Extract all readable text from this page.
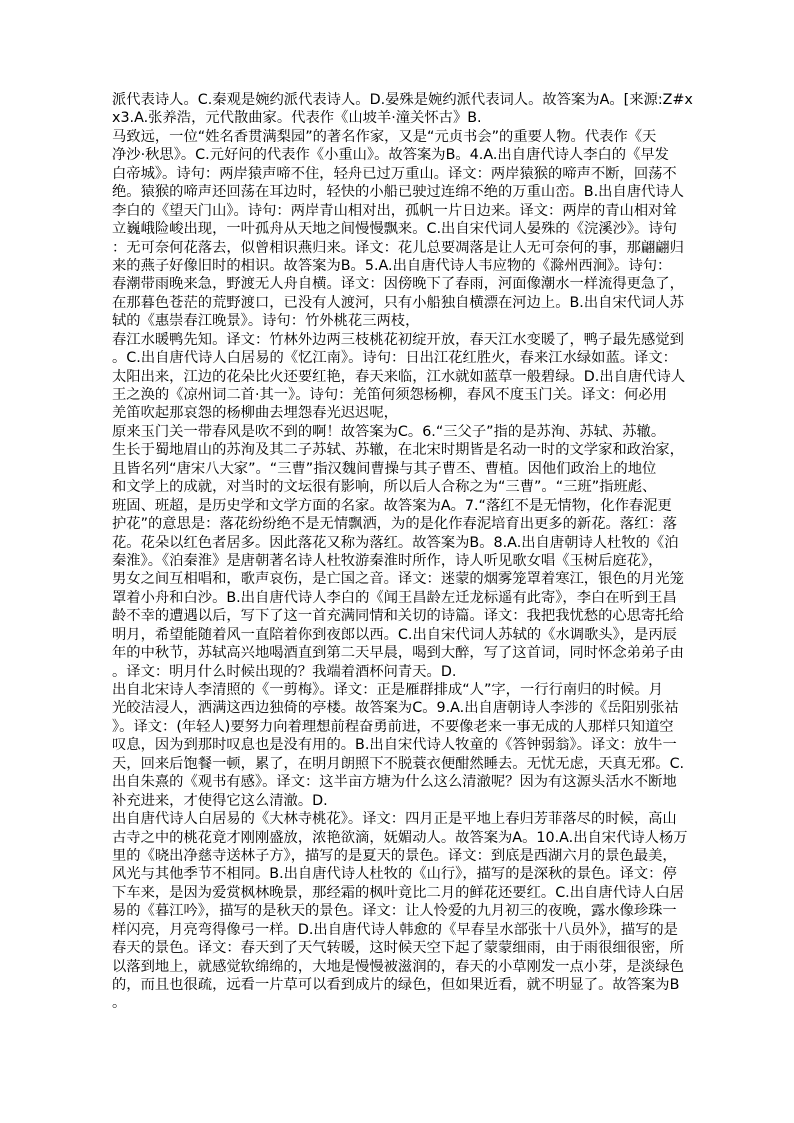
派代表诗人。C.秦观是婉约派代表诗人。D.晏殊是婉约派代表词人。故答案为A。[来源:Z#x
x3.A.张养浩，元代散曲家。代表作《山坡羊·潼关怀古》B.
马致远，一位“姓名香贯满梨园”的著名作家，又是“元贞书会”的重要人物。代表作《天
净沙·秋思》。C.元好问的代表作《小重山》。故答案为B。4.A.出自唐代诗人李白的《早发
白帝城》。诗句：两岸猿声啼不住，轻舟已过万重山。译文：两岸猿猴的啼声不断，回荡不
绝。猿猴的啼声还回荡在耳边时，轻快的小船已驶过连绵不绝的万重山峦。B.出自唐代诗人
李白的《望天门山》。诗句：两岸青山相对出，孤帆一片日边来。译文：两岸的青山相对耸
立巍峨险峻出现，一叶孤舟从天地之间慢慢飘来。C.出自宋代词人晏殊的《浣溪沙》。诗句
：无可奈何花落去，似曾相识燕归来。译文：花儿总要凋落是让人无可奈何的事，那翩翩归
来的燕子好像旧时的相识。故答案为B。5.A.出自唐代诗人韦应物的《滁州西涧》。诗句：
春潮带雨晚来急，野渡无人舟自横。译文：因傍晚下了春雨，河面像潮水一样流得更急了，
在那暮色苍茫的荒野渡口，已没有人渡河，只有小船独自横漂在河边上。B.出自宋代词人苏
轼的《惠崇春江晚景》。诗句：竹外桃花三两枝，
春江水暖鸭先知。译文：竹林外边两三枝桃花初绽开放，春天江水变暖了，鸭子最先感觉到
。C.出自唐代诗人白居易的《忆江南》。诗句：日出江花红胜火，春来江水绿如蓝。译文：
太阳出来，江边的花朵比火还要红艳，春天来临，江水就如蓝草一般碧绿。D.出自唐代诗人
王之涣的《凉州词二首·其一》。诗句：羌笛何须怨杨柳，春风不度玉门关。译文：何必用
羌笛吹起那哀怨的杨柳曲去埋怨春光迟迟呢，
原来玉门关一带春风是吹不到的啊！故答案为C。6.“三父子”指的是苏洵、苏轼、苏辙。
生长于蜀地眉山的苏洵及其二子苏轼、苏辙，在北宋时期皆是名动一时的文学家和政治家，
且皆名列“唐宋八大家”。“三曹”指汉魏间曹操与其子曹丕、曹植。因他们政治上的地位
和文学上的成就，对当时的文坛很有影响，所以后人合称之为“三曹”。“三班”指班彪、
班固、班超，是历史学和文学方面的名家。故答案为A。7.“落红不是无情物，化作春泥更
护花”的意思是：落花纷纷绝不是无情飘洒，为的是化作春泥培育出更多的新花。落红：落
花。花朵以红色者居多。因此落花又称为落红。故答案为B。8.A.出自唐朝诗人杜牧的《泊
秦淮》。《泊秦淮》是唐朝著名诗人杜牧游秦淮时所作，诗人听见歌女唱《玉树后庭花》，
男女之间互相唱和，歌声哀伤，是亡国之音。译文：迷蒙的烟雾笼罩着寒江，银色的月光笼
罩着小舟和白沙。B.出自唐代诗人李白的《闻王昌龄左迁龙标遥有此寄》，李白在听到王昌
龄不幸的遭遇以后，写下了这一首充满同情和关切的诗篇。译文：我把我忧愁的心思寄托给
明月，希望能随着风一直陪着你到夜郎以西。C.出自宋代词人苏轼的《水调歌头》，是丙辰
年的中秋节，苏轼高兴地喝酒直到第二天早晨，喝到大醉，写了这首词，同时怀念弟弟子由
。译文：明月什么时候出现的？我端着酒杯问青天。D.
出自北宋诗人李清照的《一剪梅》。译文：正是雁群排成“人”字，一行行南归的时候。月
光皎洁浸人，洒满这西边独倚的亭楼。故答案为C。9.A.出自唐朝诗人李涉的《岳阳别张祜
》。译文：(年轻人)要努力向着理想前程奋勇前进，不要像老来一事无成的人那样只知道空
叹息，因为到那时叹息也是没有用的。B.出自宋代诗人牧童的《答钟弱翁》。译文：放牛一
天，回来后饱餐一顿，累了，在明月朗照下不脱蓑衣便酣然睡去。无忧无虑，天真无邪。C.
出自朱熹的《观书有感》。译文：这半亩方塘为什么这么清澈呢？因为有这源头活水不断地
补充进来，才使得它这么清澈。D.
出自唐代诗人白居易的《大林寺桃花》。译文：四月正是平地上春归芳菲落尽的时候，高山
古寺之中的桃花竟才刚刚盛放，浓艳欲滴，妩媚动人。故答案为A。10.A.出自宋代诗人杨万
里的《晓出净慈寺送林子方》，描写的是夏天的景色。译文：到底是西湖六月的景色最美，
风光与其他季节不相同。B.出自唐代诗人杜牧的《山行》，描写的是深秋的景色。译文：停
下车来，是因为爱赏枫林晚景，那经霜的枫叶竟比二月的鲜花还要红。C.出自唐代诗人白居
易的《暮江吟》，描写的是秋天的景色。译文：让人怜爱的九月初三的夜晚，露水像珍珠一
样闪亮，月亮弯得像弓一样。D.出自唐代诗人韩愈的《早春呈水部张十八员外》，描写的是
春天的景色。译文：春天到了天气转暖，这时候天空下起了蒙蒙细雨，由于雨很细很密，所
以落到地上，就感觉软绵绵的，大地是慢慢被滋润的，春天的小草刚发一点小芽，是淡绿色
的，而且也很疏，远看一片草可以看到成片的绿色，但如果近看，就不明显了。故答案为B
。
